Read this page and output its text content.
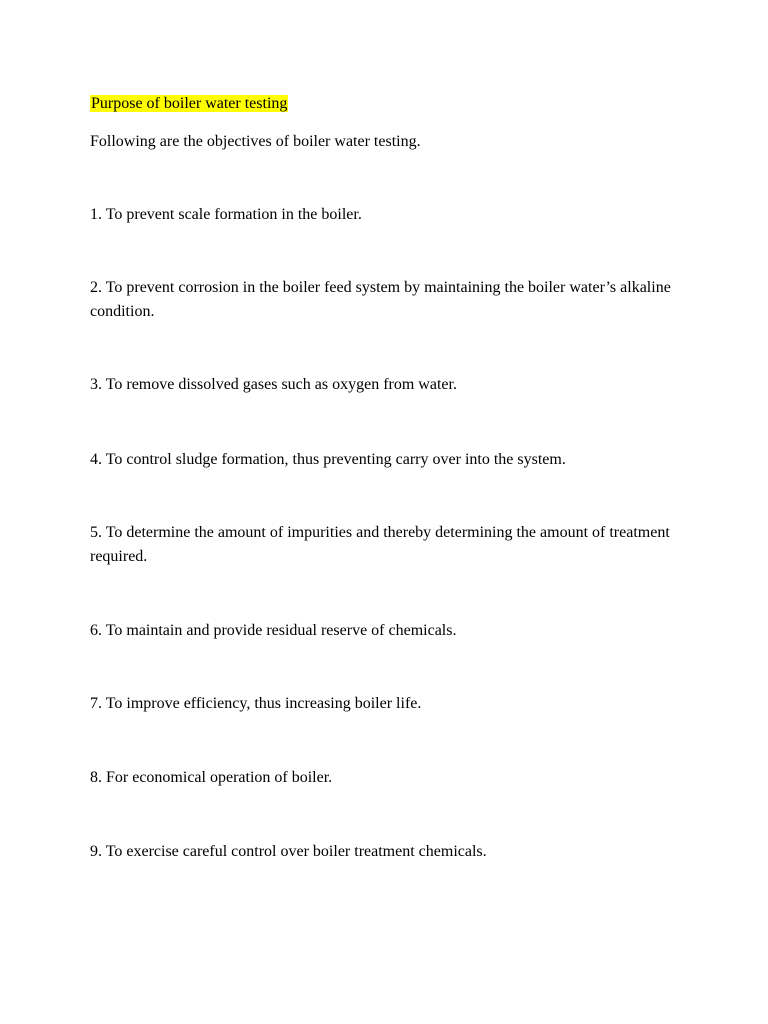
Purpose of boiler water testing
Following are the objectives of boiler water testing.
1. To prevent scale formation in the boiler.
2. To prevent corrosion in the boiler feed system by maintaining the boiler water’s alkaline condition.
3. To remove dissolved gases such as oxygen from water.
4. To control sludge formation, thus preventing carry over into the system.
5. To determine the amount of impurities and thereby determining the amount of treatment required.
6. To maintain and provide residual reserve of chemicals.
7. To improve efficiency, thus increasing boiler life.
8. For economical operation of boiler.
9. To exercise careful control over boiler treatment chemicals.
